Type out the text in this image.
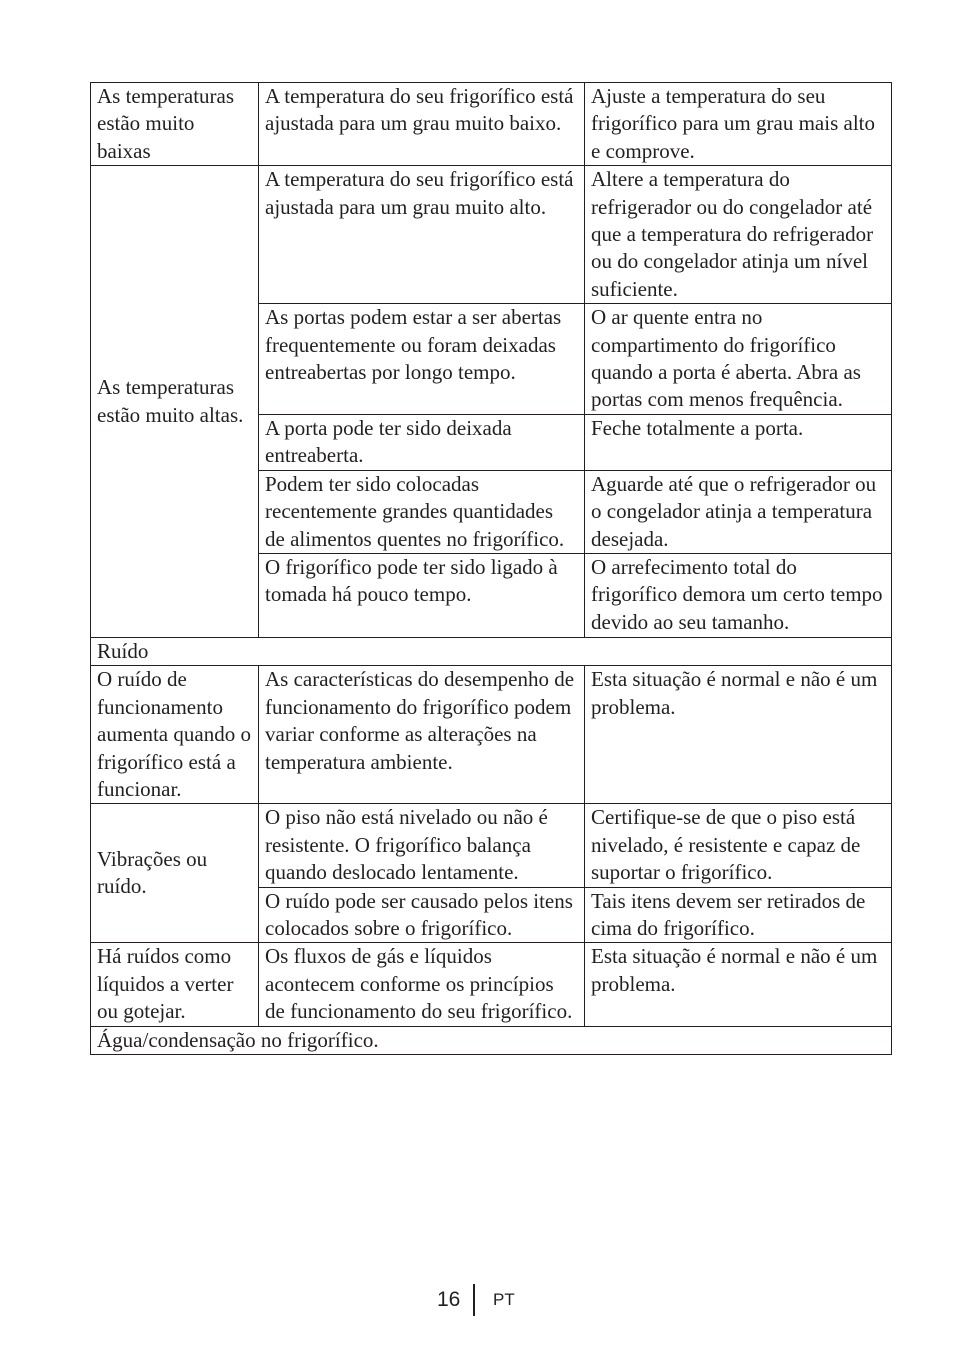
As temperaturas estão muito baixas	A temperatura do seu frigorífico está ajustada para um grau muito baixo.	Ajuste a temperatura do seu frigorífico para um grau mais alto e comprove.
As temperaturas estão muito altas.	A temperatura do seu frigorífico está ajustada para um grau muito alto.	Altere a temperatura do refrigerador ou do congelador até que a temperatura do refrigerador ou do congelador atinja um nível suficiente.
	As portas podem estar a ser abertas frequentemente ou foram deixadas entreabertas por longo tempo.	O ar quente entra no compartimento do frigorífico quando a porta é aberta. Abra as portas com menos frequência.
	A porta pode ter sido deixada entreaberta.	Feche totalmente a porta.
	Podem ter sido colocadas recentemente grandes quantidades de alimentos quentes no frigorífico.	Aguarde até que o refrigerador ou o congelador atinja a temperatura desejada.
	O frigorífico pode ter sido ligado à tomada há pouco tempo.	O arrefecimento total do frigorífico demora um certo tempo devido ao seu tamanho.
Ruído		
O ruído de funcionamento aumenta quando o frigorífico está a funcionar.	As características do desempenho de funcionamento do frigorífico podem variar conforme as alterações na temperatura ambiente.	Esta situação é normal e não é um problema.
Vibrações ou ruído.	O piso não está nivelado ou não é resistente. O frigorífico balança quando deslocado lentamente.	Certifique-se de que o piso está nivelado, é resistente e capaz de suportar o frigorífico.
	O ruído pode ser causado pelos itens colocados sobre o frigorífico.	Tais itens devem ser retirados de cima do frigorífico.
Há ruídos como líquidos a verter ou gotejar.	Os fluxos de gás e líquidos acontecem conforme os princípios de funcionamento do seu frigorífico.	Esta situação é normal e não é um problema.
Água/condensação no frigorífico.		
16 PT
